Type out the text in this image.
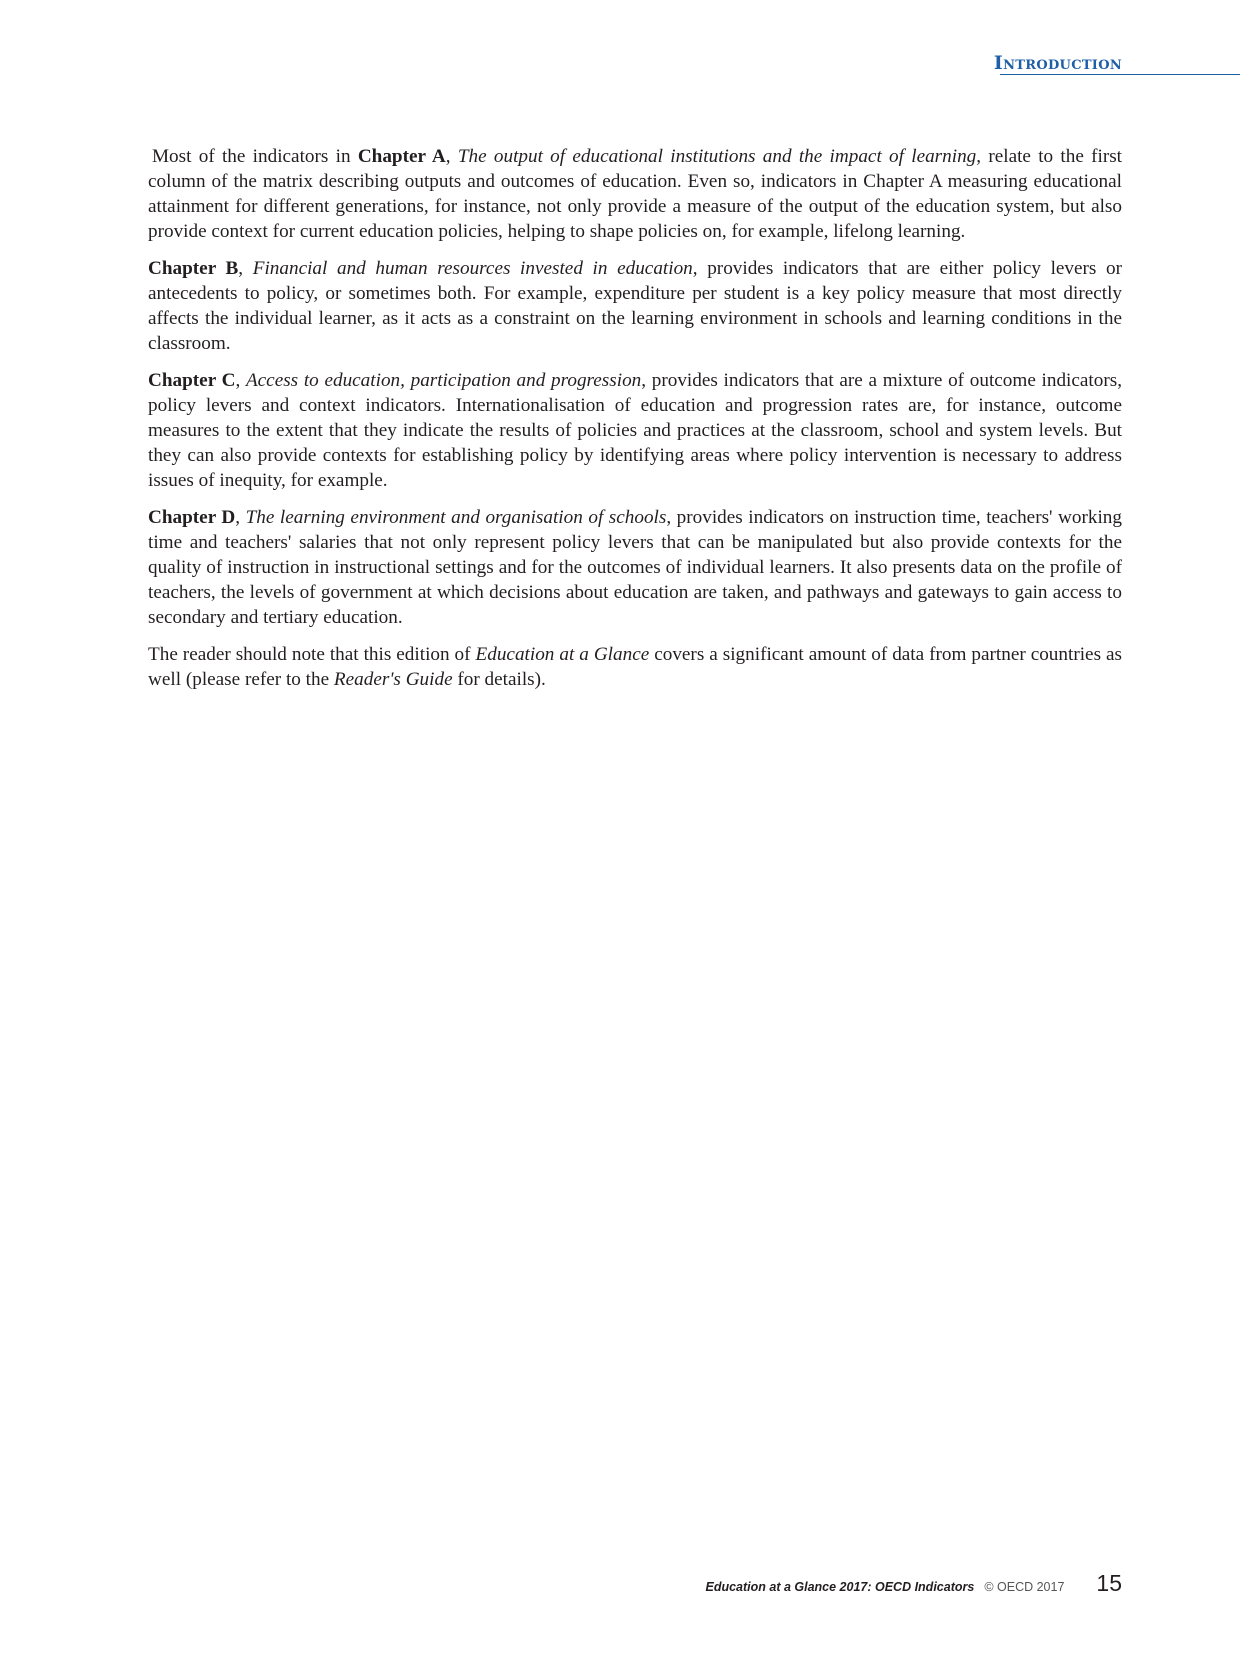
Introduction

Most of the indicators in Chapter A, The output of educational institutions and the impact of learning, relate to the first column of the matrix describing outputs and outcomes of education. Even so, indicators in Chapter A measuring educational attainment for different generations, for instance, not only provide a measure of the output of the education system, but also provide context for current education policies, helping to shape policies on, for example, lifelong learning.

Chapter B, Financial and human resources invested in education, provides indicators that are either policy levers or antecedents to policy, or sometimes both. For example, expenditure per student is a key policy measure that most directly affects the individual learner, as it acts as a constraint on the learning environment in schools and learning conditions in the classroom.

Chapter C, Access to education, participation and progression, provides indicators that are a mixture of outcome indicators, policy levers and context indicators. Internationalisation of education and progression rates are, for instance, outcome measures to the extent that they indicate the results of policies and practices at the classroom, school and system levels. But they can also provide contexts for establishing policy by identifying areas where policy intervention is necessary to address issues of inequity, for example.

Chapter D, The learning environment and organisation of schools, provides indicators on instruction time, teachers' working time and teachers' salaries that not only represent policy levers that can be manipulated but also provide contexts for the quality of instruction in instructional settings and for the outcomes of individual learners. It also presents data on the profile of teachers, the levels of government at which decisions about education are taken, and pathways and gateways to gain access to secondary and tertiary education.

The reader should note that this edition of Education at a Glance covers a significant amount of data from partner countries as well (please refer to the Reader's Guide for details).

Education at a Glance 2017: OECD Indicators © OECD 2017 15
